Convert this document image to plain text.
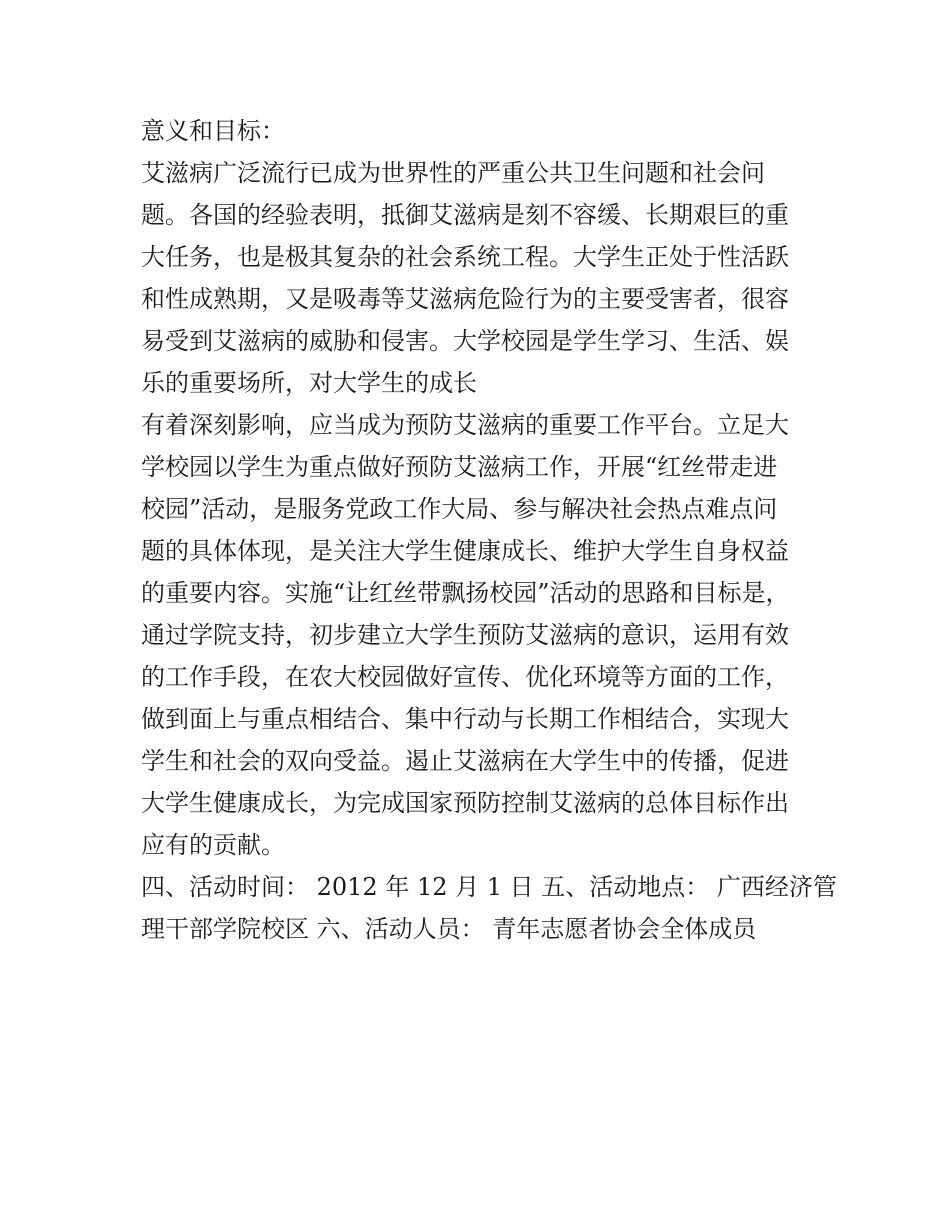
意义和目标：
艾滋病广泛流行已成为世界性的严重公共卫生问题和社会问
题。各国的经验表明，抵御艾滋病是刻不容缓、长期艰巨的重
大任务，也是极其复杂的社会系统工程。大学生正处于性活跃
和性成熟期，又是吸毒等艾滋病危险行为的主要受害者，很容
易受到艾滋病的威胁和侵害。大学校园是学生学习、生活、娱
乐的重要场所，对大学生的成长
有着深刻影响，应当成为预防艾滋病的重要工作平台。立足大
学校园以学生为重点做好预防艾滋病工作，开展“红丝带走进
校园”活动，是服务党政工作大局、参与解决社会热点难点问
题的具体体现，是关注大学生健康成长、维护大学生自身权益
的重要内容。实施“让红丝带飘扬校园”活动的思路和目标是，
通过学院支持，初步建立大学生预防艾滋病的意识，运用有效
的工作手段，在农大校园做好宣传、优化环境等方面的工作，
做到面上与重点相结合、集中行动与长期工作相结合，实现大
学生和社会的双向受益。遏止艾滋病在大学生中的传播，促进
大学生健康成长，为完成国家预防控制艾滋病的总体目标作出
应有的贡献。
四、活动时间： 2012 年 12 月 1 日 五、活动地点： 广西经济管
理干部学院校区 六、活动人员： 青年志愿者协会全体成员
